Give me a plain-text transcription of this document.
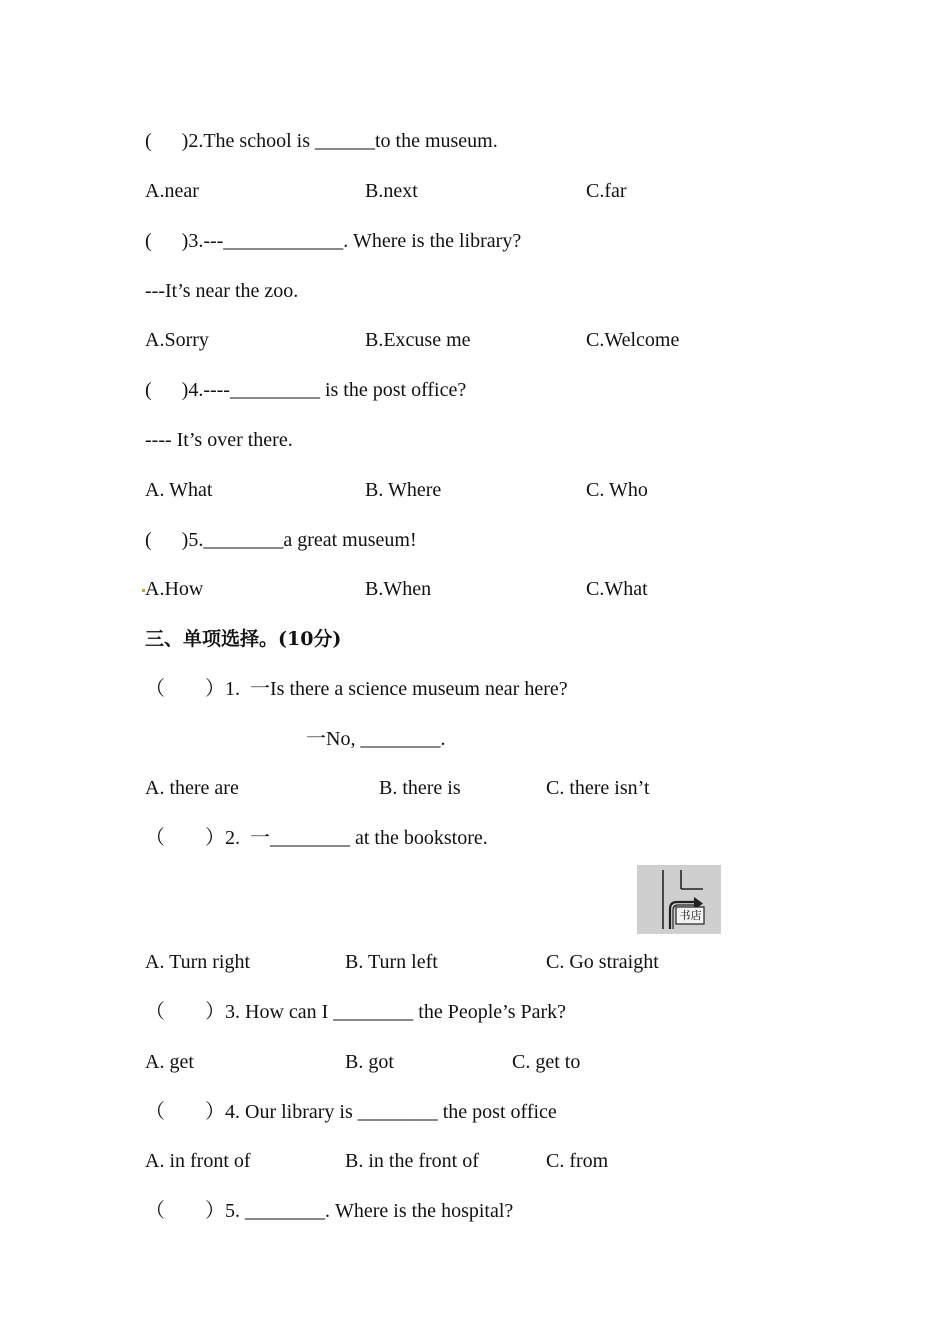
(      )2.The school is ______to the museum.
A.near	B.next	C.far
(      )3.---____________. Where is the library?
---It’s near the zoo.
A.Sorry	B.Excuse me	C.Welcome
(      )4.----_________ is the post office?
---- It’s over there.
A. What	B. Where	C. Who
(      )5.________a great museum!
A.How	B.When	C.What
三、单项选择。(10分)
（        ）1.  一Is there a science museum near here?
一No, ________.
A. there are	B. there is	C. there isn’t
（        ）2.  一________ at the bookstore.
书店
A. Turn right	B. Turn left	C. Go straight
（        ）3. How can I ________ the People’s Park?
A. get	B. got	C. get to
（        ）4. Our library is ________ the post office
A. in front of	B. in the front of	C. from
（        ）5. ________. Where is the hospital?
